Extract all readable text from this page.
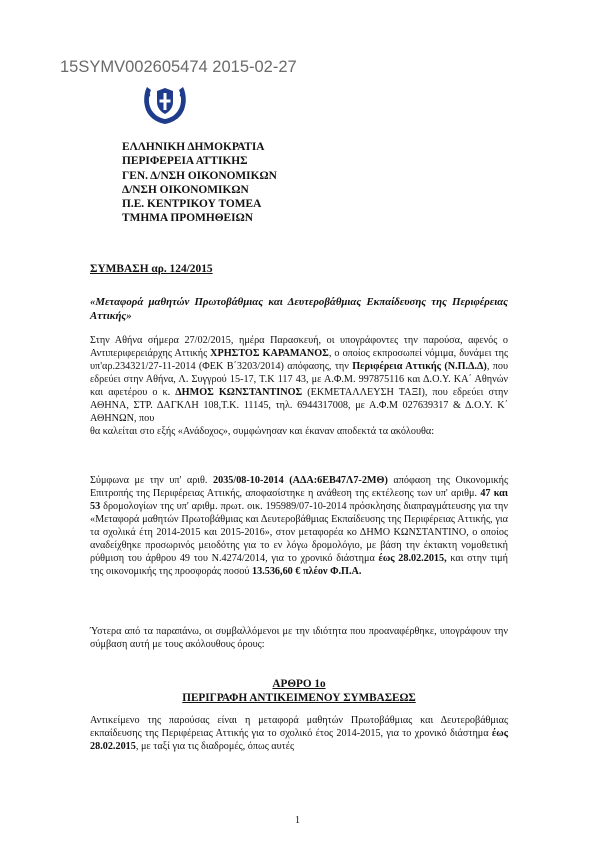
15SYMV002605474 2015-02-27
ΕΛΛΗΝΙΚΗ ΔΗΜΟΚΡΑΤΙΑ
ΠΕΡΙΦΕΡΕΙΑ ΑΤΤΙΚΗΣ
ΓΕΝ. Δ/ΝΣΗ ΟΙΚΟΝΟΜΙΚΩΝ
Δ/ΝΣΗ ΟΙΚΟΝΟΜΙΚΩΝ
Π.Ε. ΚΕΝΤΡΙΚΟΥ ΤΟΜΕΑ
ΤΜΗΜΑ ΠΡΟΜΗΘΕΙΩΝ
ΣΥΜΒΑΣΗ αρ. 124/2015
«Μεταφορά μαθητών Πρωτοβάθμιας και Δευτεροβάθμιας Εκπαίδευσης της Περιφέρειας Αττικής»
Στην Αθήνα σήμερα 27/02/2015, ημέρα Παρασκευή, οι υπογράφοντες την παρούσα, αφενός ο Αντιπεριφερειάρχης Αττικής ΧΡΗΣΤΟΣ ΚΑΡΑΜΑΝΟΣ, ο οποίος εκπροσωπεί νόμιμα, δυνάμει της υπ'αρ.234321/27-11-2014 (ΦΕΚ Β΄3203/2014) απόφασης, την Περιφέρεια Αττικής (Ν.Π.Δ.Δ), που εδρεύει στην Αθήνα, Λ. Συγγρού 15-17, Τ.Κ 117 43, με Α.Φ.Μ. 997875116 και Δ.Ο.Υ. ΚΑ΄ Αθηνών και αφετέρου ο κ. ΔΗΜΟΣ ΚΩΝΣΤΑΝΤΙΝΟΣ (ΕΚΜΕΤΑΛΛΕΥΣΗ ΤΑΞΙ), που εδρεύει στην ΑΘΗΝΑ, ΣΤΡ. ΔΑΓΚΛΗ 108,Τ.Κ. 11145, τηλ. 6944317008, με Α.Φ.Μ 027639317 & Δ.Ο.Υ. Κ΄ ΑΘΗΝΩΝ, που
θα καλείται στο εξής «Ανάδοχος», συμφώνησαν και έκαναν αποδεκτά τα ακόλουθα:
Σύμφωνα με την υπ' αριθ. 2035/08-10-2014 (ΑΔΑ:6ΕΒ47Λ7-2ΜΘ) απόφαση της Οικονομικής Επιτροπής της Περιφέρειας Αττικής, αποφασίστηκε η ανάθεση της εκτέλεσης των υπ' αριθμ. 47 και 53 δρομολογίων της υπ' αριθμ. πρωτ. οικ. 195989/07-10-2014 πρόσκλησης διαπραγμάτευσης για την «Μεταφορά μαθητών Πρωτοβάθμιας και Δευτεροβάθμιας Εκπαίδευσης της Περιφέρειας Αττικής, για τα σχολικά έτη 2014-2015 και 2015-2016», στον μεταφορέα κο ΔΗΜΟ ΚΩΝΣΤΑΝΤΙΝΟ, ο οποίος αναδείχθηκε προσωρινός μειοδότης για το εν λόγω δρομολόγιο, με βάση την έκτακτη νομοθετική ρύθμιση του άρθρου 49 του Ν.4274/2014, για το χρονικό διάστημα έως 28.02.2015, και στην τιμή της οικονομικής της προσφοράς ποσού 13.536,60 € πλέον Φ.Π.Α.
Ύστερα από τα παραπάνω, οι συμβαλλόμενοι με την ιδιότητα που προαναφέρθηκε, υπογράφουν την σύμβαση αυτή με τους ακόλουθους όρους:
ΑΡΘΡΟ 1ο
ΠΕΡΙΓΡΑΦΗ ΑΝΤΙΚΕΙΜΕΝΟΥ ΣΥΜΒΑΣΕΩΣ
Αντικείμενο της παρούσας είναι η μεταφορά μαθητών Πρωτοβάθμιας και Δευτεροβάθμιας εκπαίδευσης της Περιφέρειας Αττικής για το σχολικό έτος 2014-2015, για το χρονικό διάστημα έως 28.02.2015, με ταξί για τις διαδρομές, όπως αυτές
1
